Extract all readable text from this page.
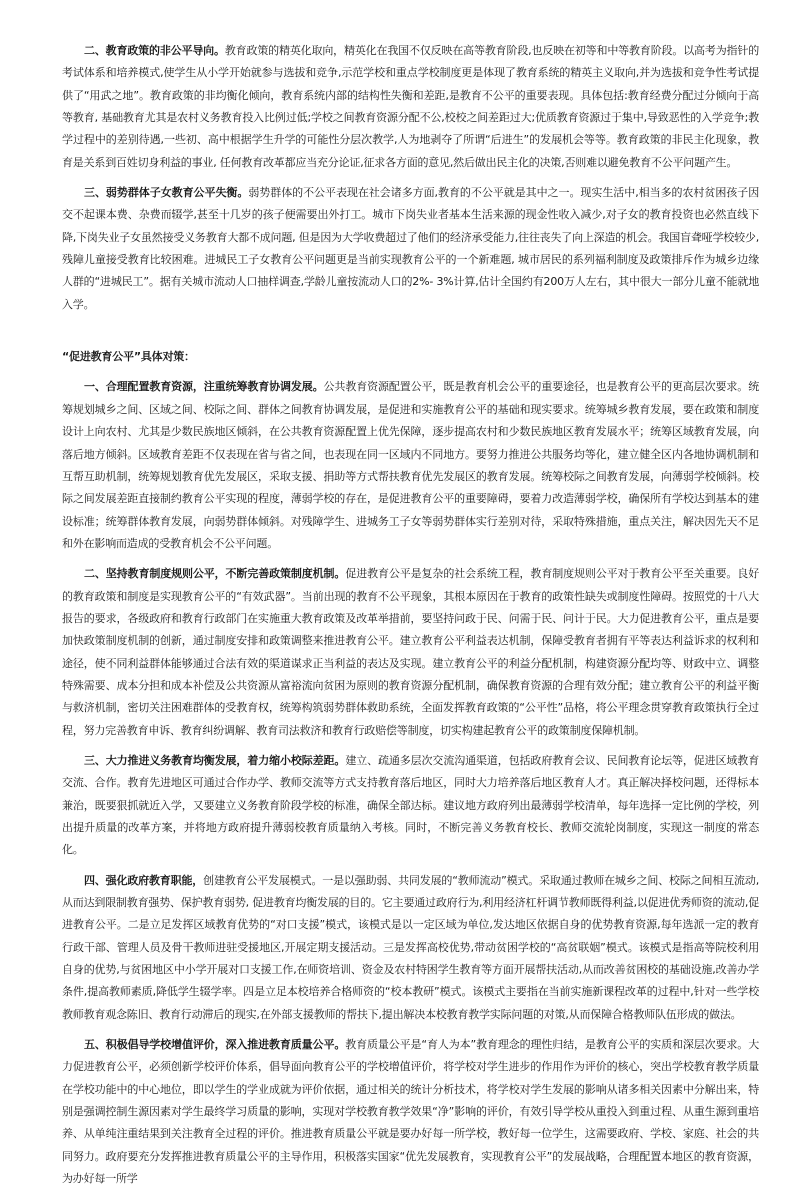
二、教育政策的非公平导向。教育政策的精英化取向，精英化在我国不仅反映在高等教育阶段,也反映在初等和中等教育阶段。以高考为指针的考试体系和培养模式,使学生从小学开始就参与选拔和竞争,示范学校和重点学校制度更是体现了教育系统的精英主义取向,并为选拔和竞争性考试提供了“用武之地”。教育政策的非均衡化倾向，教育系统内部的结构性失衡和差距,是教育不公平的重要表现。具体包括:教育经费分配过分倾向于高等教育, 基础教育尤其是农村义务教育投入比例过低;学校之间教育资源分配不公,校校之间差距过大;优质教育资源过于集中,导致恶性的入学竞争;教学过程中的差别待遇,一些初、高中根据学生升学的可能性分层次教学,人为地剥夺了所谓“后进生”的发展机会等等。教育政策的非民主化现象，教育是关系到百姓切身利益的事业, 任何教育改革都应当充分论证,征求各方面的意见,然后做出民主化的决策,否则难以避免教育不公平问题产生。

三、弱势群体子女教育公平失衡。弱势群体的不公平表现在社会诸多方面,教育的不公平就是其中之一。现实生活中,相当多的农村贫困孩子因交不起课本费、杂费而辍学,甚至十几岁的孩子便需要出外打工。城市下岗失业者基本生活来源的现金性收入减少,对子女的教育投资也必然直线下降,下岗失业子女虽然接受义务教育大都不成问题, 但是因为大学收费超过了他们的经济承受能力,往往丧失了向上深造的机会。我国盲聋哑学校较少,残障儿童接受教育比较困难。进城民工子女教育公平问题更是当前实现教育公平的一个新难题, 城市居民的系列福利制度及政策排斥作为城乡边缘人群的“进城民工”。据有关城市流动人口抽样调查,学龄儿童按流动人口的2%- 3%计算,估计全国约有200万人左右，其中很大一部分儿童不能就地入学。

“促进教育公平”具体对策：

一、合理配置教育资源，注重统筹教育协调发展。公共教育资源配置公平，既是教育机会公平的重要途径，也是教育公平的更高层次要求。统筹规划城乡之间、区域之间、校际之间、群体之间教育协调发展，是促进和实施教育公平的基础和现实要求。统筹城乡教育发展，要在政策和制度设计上向农村、尤其是少数民族地区倾斜，在公共教育资源配置上优先保障，逐步提高农村和少数民族地区教育发展水平；统筹区域教育发展，向落后地方倾斜。区域教育差距不仅表现在省与省之间，也表现在同一区域内不同地方。要努力推进公共服务均等化，建立健全区内各地协调机制和互帮互助机制，统筹规划教育优先发展区，采取支援、捐助等方式帮扶教育优先发展区的教育发展。统筹校际之间教育发展，向薄弱学校倾斜。校际之间发展差距直接制约教育公平实现的程度，薄弱学校的存在，是促进教育公平的重要障碍，要着力改造薄弱学校，确保所有学校达到基本的建设标准；统筹群体教育发展，向弱势群体倾斜。对残障学生、进城务工子女等弱势群体实行差别对待，采取特殊措施，重点关注，解决因先天不足和外在影响而造成的受教育机会不公平问题。

二、坚持教育制度规则公平，不断完善政策制度机制。促进教育公平是复杂的社会系统工程，教育制度规则公平对于教育公平至关重要。良好的教育政策和制度是实现教育公平的“有效武器”。当前出现的教育不公平现象，其根本原因在于教育的政策性缺失或制度性障碍。按照党的十八大报告的要求，各级政府和教育行政部门在实施重大教育政策及改革举措前，要坚持问政于民、问需于民、问计于民。大力促进教育公平，重点是要加快政策制度机制的创新，通过制度安排和政策调整来推进教育公平。建立教育公平利益表达机制，保障受教育者拥有平等表达利益诉求的权利和途径，使不同利益群体能够通过合法有效的渠道谋求正当利益的表达及实现。建立教育公平的利益分配机制，构建资源分配均等、财政中立、调整特殊需要、成本分担和成本补偿及公共资源从富裕流向贫困为原则的教育资源分配机制，确保教育资源的合理有效分配；建立教育公平的利益平衡与救济机制，密切关注困难群体的受教育权，统筹构筑弱势群体救助系统，全面发挥教育政策的“公平性”品格，将公平理念贯穿教育政策执行全过程，努力完善教育申诉、教育纠纷调解、教育司法救济和教育行政赔偿等制度，切实构建起教育公平的政策制度保障机制。

三、大力推进义务教育均衡发展，着力缩小校际差距。建立、疏通多层次交流沟通渠道，包括政府教育会议、民间教育论坛等，促进区域教育交流、合作。教育先进地区可通过合作办学、教师交流等方式支持教育落后地区，同时大力培养落后地区教育人才。真正解决择校问题，还得标本兼治，既要狠抓就近入学，又要建立义务教育阶段学校的标准，确保全部达标。建议地方政府列出最薄弱学校清单，每年选择一定比例的学校，列出提升质量的改革方案，并将地方政府提升薄弱校教育质量纳入考核。同时，不断完善义务教育校长、教师交流轮岗制度，实现这一制度的常态化。

四、强化政府教育职能，创建教育公平发展模式。一是以强助弱、共同发展的“教师流动”模式。采取通过教师在城乡之间、校际之间相互流动,从而达到限制教育强势、保护教育弱势, 促进教育均衡发展的目的。它主要通过政府行为,利用经济杠杆调节教师既得利益,以促进优秀师资的流动,促进教育公平。二是立足发挥区域教育优势的“对口支援”模式，该模式是以一定区域为单位,发达地区依据自身的优势教育资源,每年选派一定的教育行政干部、管理人员及骨干教师进驻受援地区,开展定期支援活动。三是发挥高校优势,带动贫困学校的“高贫联姻”模式。该模式是指高等院校利用自身的优势,与贫困地区中小学开展对口支援工作,在师资培训、资金及农村特困学生教育等方面开展帮扶活动,从而改善贫困校的基础设施,改善办学条件,提高教师素质,降低学生辍学率。四是立足本校培养合格师资的“校本教研”模式。该模式主要指在当前实施新课程改革的过程中,针对一些学校教师教育观念陈旧、教育行动滞后的现实,在外部支援教师的帮扶下,提出解决本校教育教学实际问题的对策,从而保障合格教师队伍形成的做法。

五、积极倡导学校增值评价，深入推进教育质量公平。教育质量公平是“育人为本”教育理念的理性归结，是教育公平的实质和深层次要求。大力促进教育公平，必须创新学校评价体系，倡导面向教育公平的学校增值评价，将学校对学生进步的作用作为评价的核心，突出学校教育教学质量在学校功能中的中心地位，即以学生的学业成就为评价依据，通过相关的统计分析技术，将学校对学生发展的影响从诸多相关因素中分解出来，特别是强调控制生源因素对学生最终学习质量的影响，实现对学校教育教学效果“净”影响的评价，有效引导学校从重投入到重过程、从重生源到重培养、从单纯注重结果到关注教育全过程的评价。推进教育质量公平就是要办好每一所学校，教好每一位学生，这需要政府、学校、家庭、社会的共同努力。政府要充分发挥推进教育质量公平的主导作用，积极落实国家“优先发展教育，实现教育公平”的发展战略，合理配置本地区的教育资源，为办好每一所学
